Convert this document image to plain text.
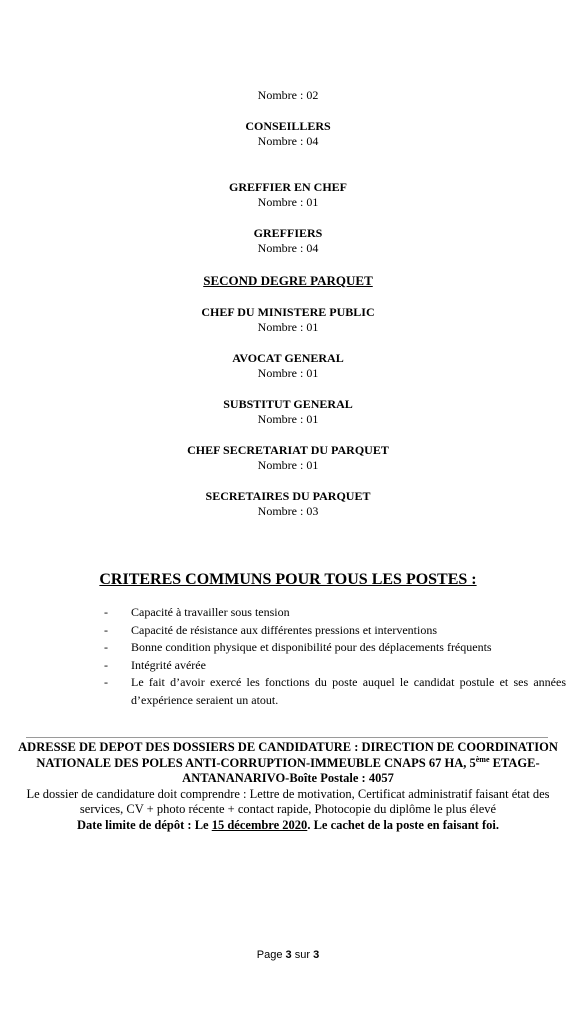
Nombre : 02
CONSEILLERS
Nombre : 04
GREFFIER EN CHEF
Nombre : 01
GREFFIERS
Nombre : 04
SECOND DEGRE PARQUET
CHEF DU MINISTERE PUBLIC
Nombre : 01
AVOCAT GENERAL
Nombre : 01
SUBSTITUT GENERAL
Nombre : 01
CHEF SECRETARIAT DU PARQUET
Nombre : 01
SECRETAIRES DU PARQUET
Nombre : 03
CRITERES COMMUNS POUR TOUS LES POSTES :
- Capacité à travailler sous tension
- Capacité de résistance aux différentes pressions et interventions
- Bonne condition physique et disponibilité pour des déplacements fréquents
- Intégrité avérée
- Le fait d’avoir exercé les fonctions du poste auquel le candidat postule et ses années d’expérience seraient un atout.
ADRESSE DE DEPOT DES DOSSIERS DE CANDIDATURE : DIRECTION DE COORDINATION NATIONALE DES POLES ANTI-CORRUPTION-IMMEUBLE CNAPS 67 HA, 5ème ETAGE-ANTANANARIVO-Boîte Postale : 4057
Le dossier de candidature doit comprendre : Lettre de motivation, Certificat administratif faisant état des services, CV + photo récente + contact rapide, Photocopie du diplôme le plus élevé
Date limite de dépôt : Le 15 décembre 2020. Le cachet de la poste en faisant foi.
Page 3 sur 3
